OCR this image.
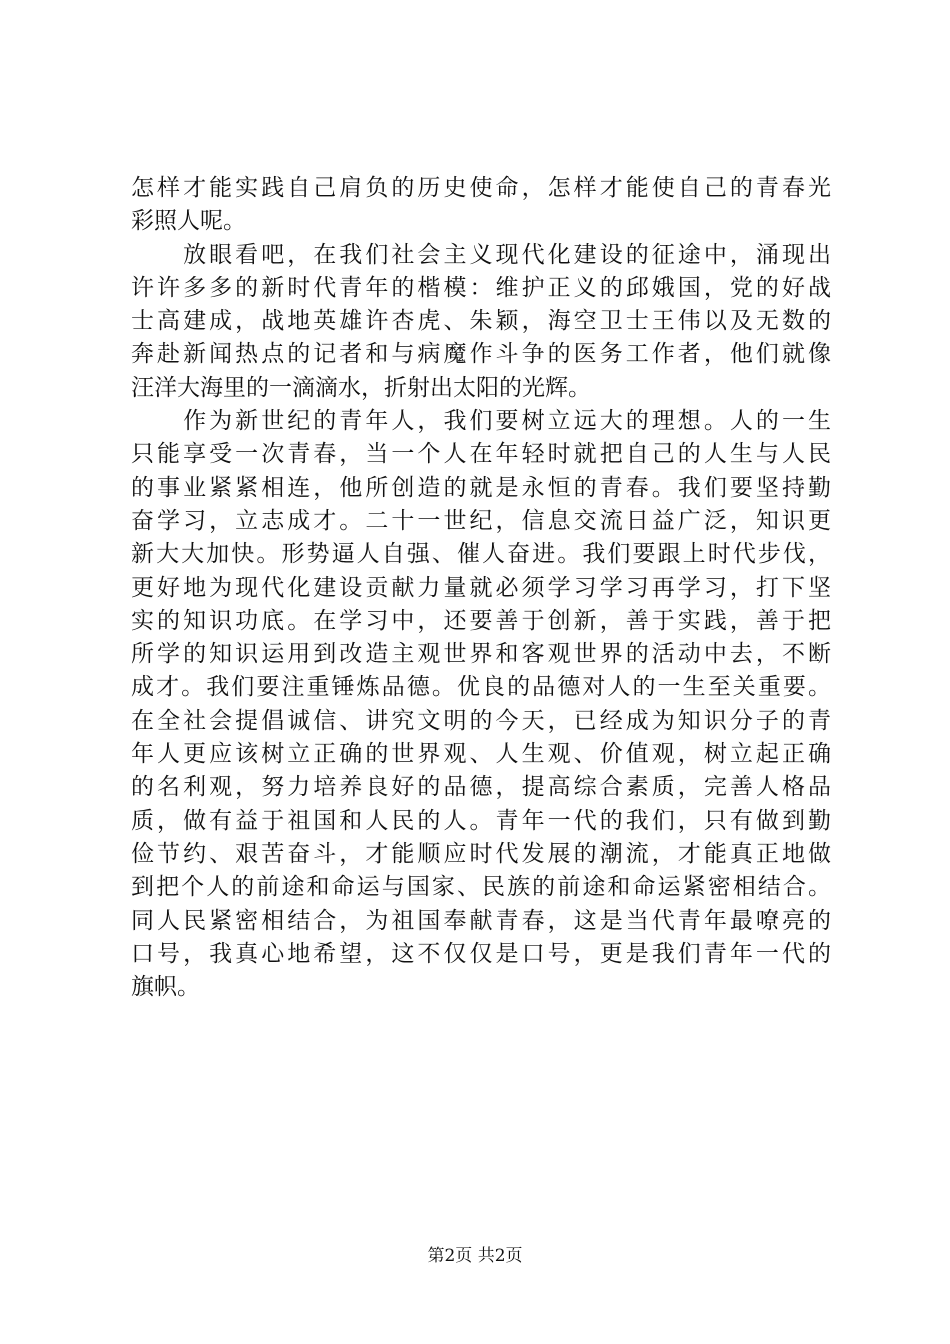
怎样才能实践自己肩负的历史使命，怎样才能使自己的青春光
彩照人呢。
　　放眼看吧，在我们社会主义现代化建设的征途中，涌现出
许许多多的新时代青年的楷模：维护正义的邱娥国，党的好战
士高建成，战地英雄许杏虎、朱颖，海空卫士王伟以及无数的
奔赴新闻热点的记者和与病魔作斗争的医务工作者，他们就像
汪洋大海里的一滴滴水，折射出太阳的光辉。
　　作为新世纪的青年人，我们要树立远大的理想。人的一生
只能享受一次青春，当一个人在年轻时就把自己的人生与人民
的事业紧紧相连，他所创造的就是永恒的青春。我们要坚持勤
奋学习，立志成才。二十一世纪，信息交流日益广泛，知识更
新大大加快。形势逼人自强、催人奋进。我们要跟上时代步伐，
更好地为现代化建设贡献力量就必须学习学习再学习，打下坚
实的知识功底。在学习中，还要善于创新，善于实践，善于把
所学的知识运用到改造主观世界和客观世界的活动中去，不断
成才。我们要注重锤炼品德。优良的品德对人的一生至关重要。
在全社会提倡诚信、讲究文明的今天，已经成为知识分子的青
年人更应该树立正确的世界观、人生观、价值观，树立起正确
的名利观，努力培养良好的品德，提高综合素质，完善人格品
质，做有益于祖国和人民的人。青年一代的我们，只有做到勤
俭节约、艰苦奋斗，才能顺应时代发展的潮流，才能真正地做
到把个人的前途和命运与国家、民族的前途和命运紧密相结合。
同人民紧密相结合，为祖国奉献青春，这是当代青年最嘹亮的
口号，我真心地希望，这不仅仅是口号，更是我们青年一代的
旗帜。
第2页 共2页
